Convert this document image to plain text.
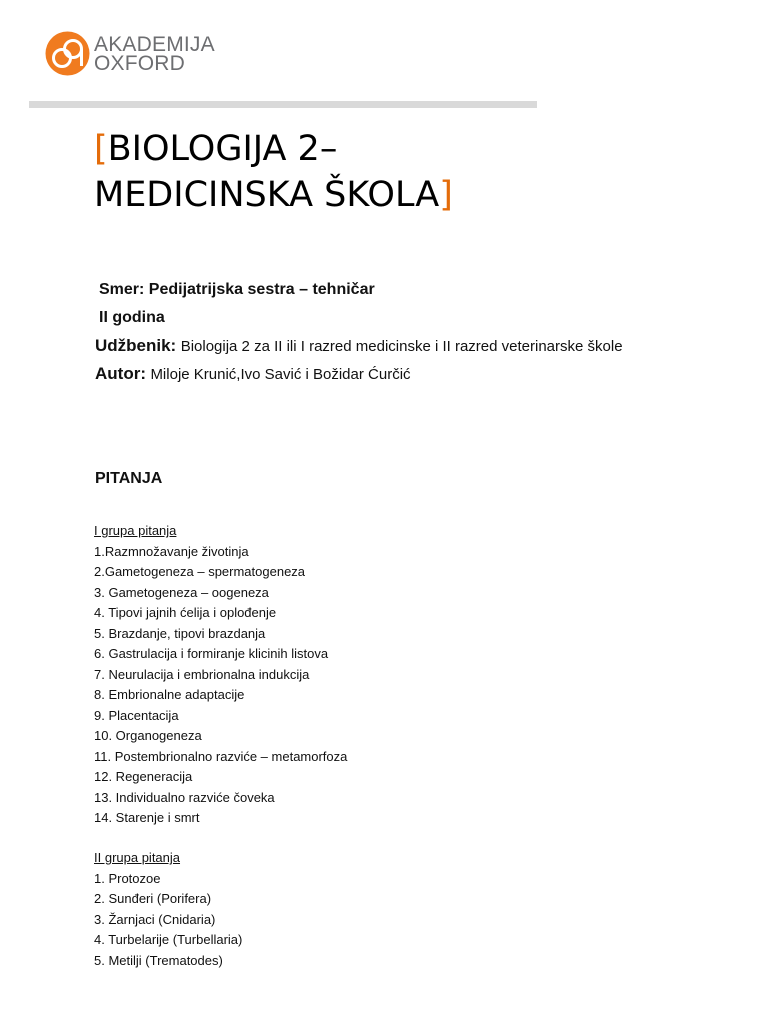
AKADEMIJA
OXFORD
[BIOLOGIJA 2–
MEDICINSKA ŠKOLA]
Smer: Pedijatrijska sestra – tehničar
II godina
Udžbenik: Biologija 2 za II ili I razred medicinske i II razred veterinarske škole
Autor: Miloje Krunić,Ivo Savić i Božidar Ćurčić
PITANJA
I grupa pitanja
1.Razmnožavanje životinja
2.Gametogeneza – spermatogeneza
3. Gametogeneza – oogeneza
4. Tipovi jajnih ćelija i oplođenje
5. Brazdanje, tipovi brazdanja
6. Gastrulacija i formiranje klicinih listova
7. Neurulacija i embrionalna indukcija
8. Embrionalne adaptacije
9. Placentacija
10. Organogeneza
11. Postembrionalno razviće – metamorfoza
12. Regeneracija
13. Individualno razviće čoveka
14. Starenje i smrt
II grupa pitanja
1. Protozoe
2. Sunđeri (Porifera)
3. Žarnjaci (Cnidaria)
4. Turbelarije (Turbellaria)
5. Metilji (Trematodes)
